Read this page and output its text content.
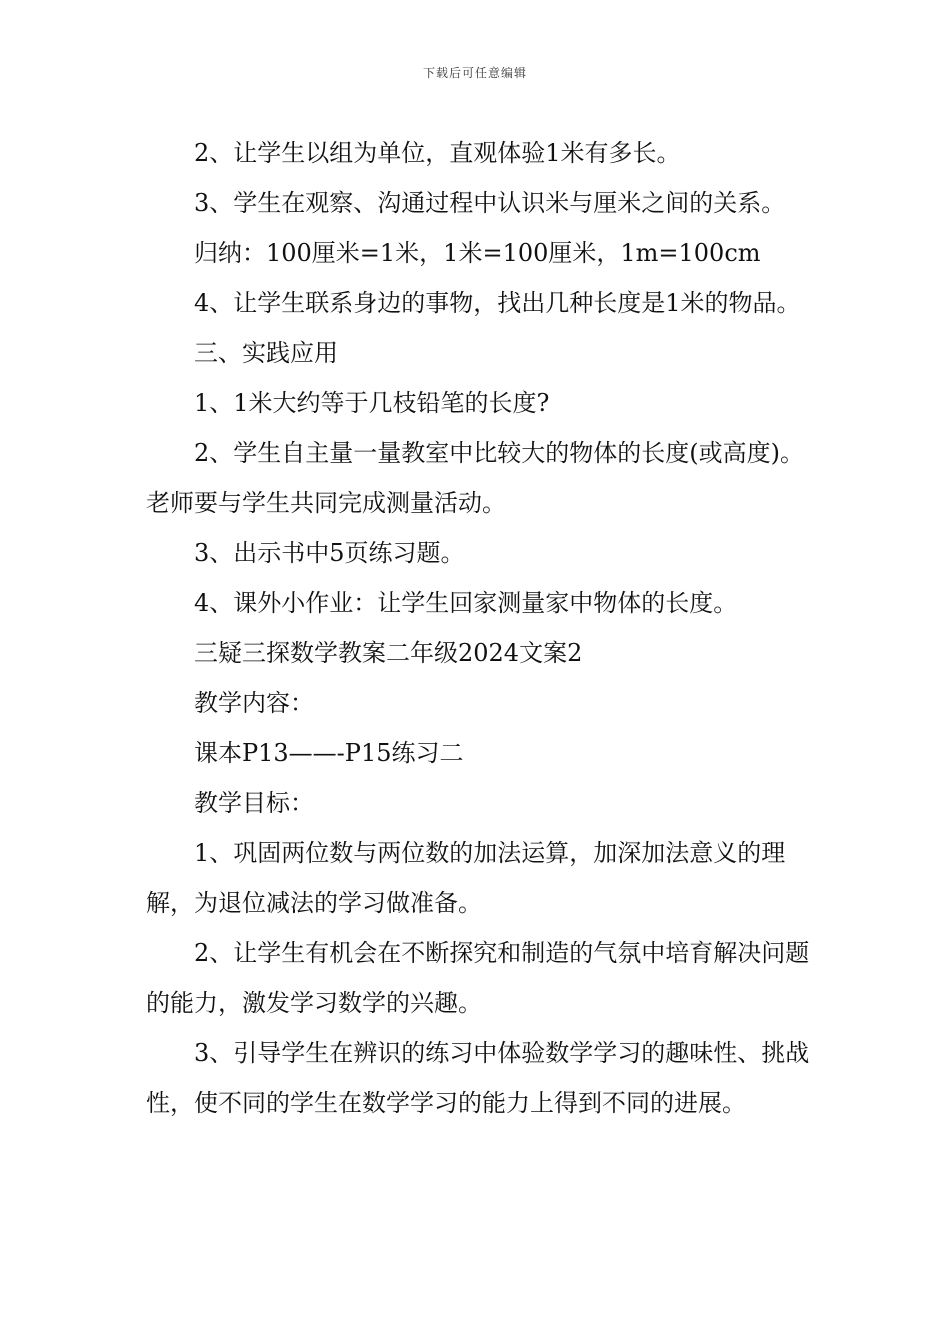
下载后可任意编辑

2、让学生以组为单位，直观体验1米有多长。

3、学生在观察、沟通过程中认识米与厘米之间的关系。

归纳：100厘米=1米，1米=100厘米，1m=100cm

4、让学生联系身边的事物，找出几种长度是1米的物品。

三、实践应用

1、1米大约等于几枝铅笔的长度?

2、学生自主量一量教室中比较大的物体的长度(或高度)。老师要与学生共同完成测量活动。

3、出示书中5页练习题。

4、课外小作业：让学生回家测量家中物体的长度。

三疑三探数学教案二年级2024文案2

教学内容：

课本P13——-P15练习二

教学目标：

1、巩固两位数与两位数的加法运算，加深加法意义的理解，为退位减法的学习做准备。

2、让学生有机会在不断探究和制造的气氛中培育解决问题的能力，激发学习数学的兴趣。

3、引导学生在辨识的练习中体验数学学习的趣味性、挑战性，使不同的学生在数学学习的能力上得到不同的进展。
